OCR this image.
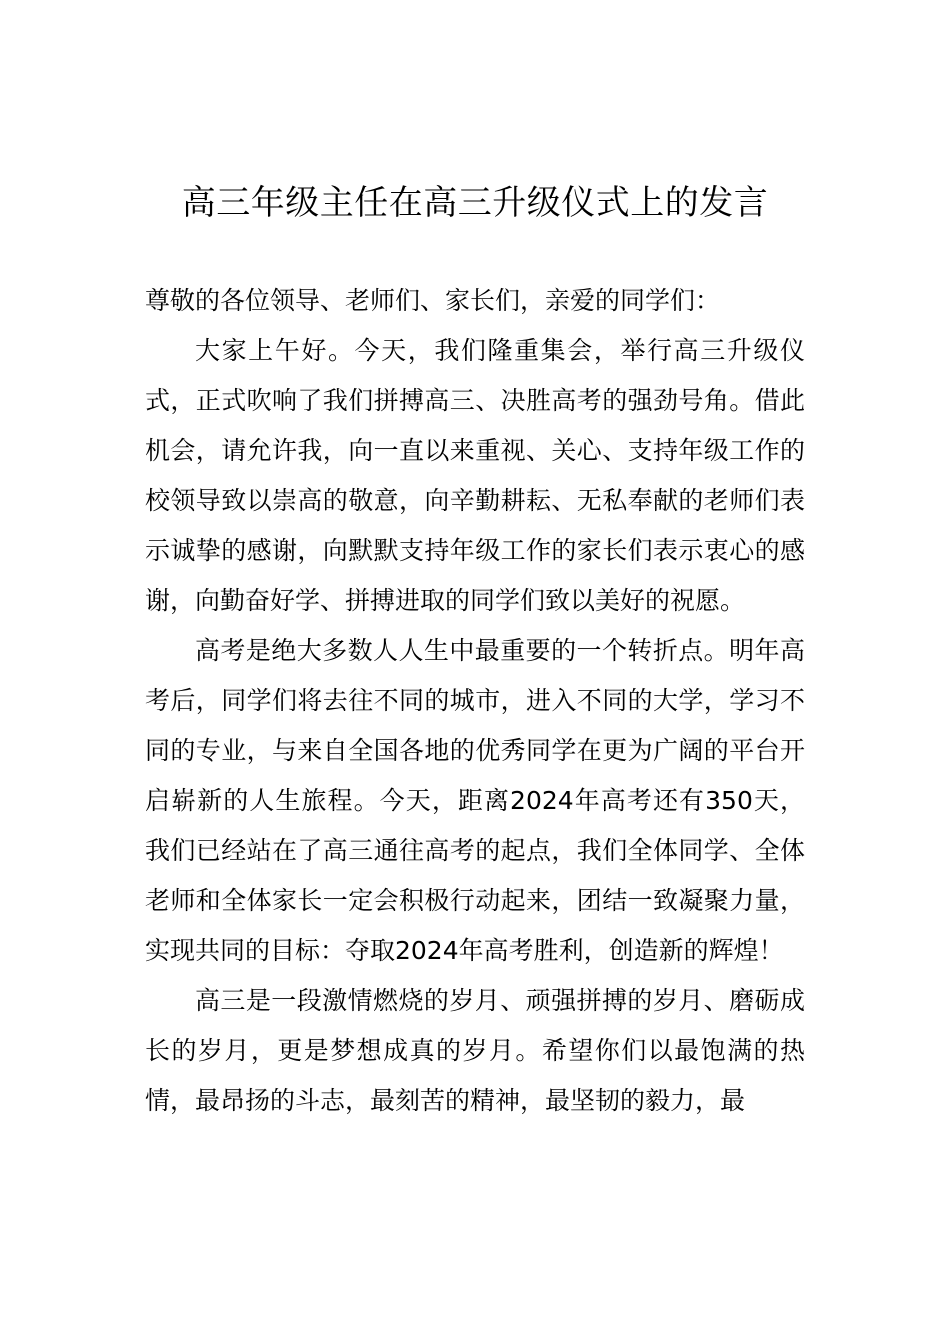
高三年级主任在高三升级仪式上的发言

尊敬的各位领导、老师们、家长们，亲爱的同学们：

大家上午好。今天，我们隆重集会，举行高三升级仪式，正式吹响了我们拼搏高三、决胜高考的强劲号角。借此机会，请允许我，向一直以来重视、关心、支持年级工作的校领导致以崇高的敬意，向辛勤耕耘、无私奉献的老师们表示诚挚的感谢，向默默支持年级工作的家长们表示衷心的感谢，向勤奋好学、拼搏进取的同学们致以美好的祝愿。

高考是绝大多数人人生中最重要的一个转折点。明年高考后，同学们将去往不同的城市，进入不同的大学，学习不同的专业，与来自全国各地的优秀同学在更为广阔的平台开启崭新的人生旅程。今天，距离2024年高考还有350天，我们已经站在了高三通往高考的起点，我们全体同学、全体老师和全体家长一定会积极行动起来，团结一致凝聚力量，实现共同的目标：夺取2024年高考胜利，创造新的辉煌！

高三是一段激情燃烧的岁月、顽强拼搏的岁月、磨砺成长的岁月，更是梦想成真的岁月。希望你们以最饱满的热情，最昂扬的斗志，最刻苦的精神，最坚韧的毅力，最
